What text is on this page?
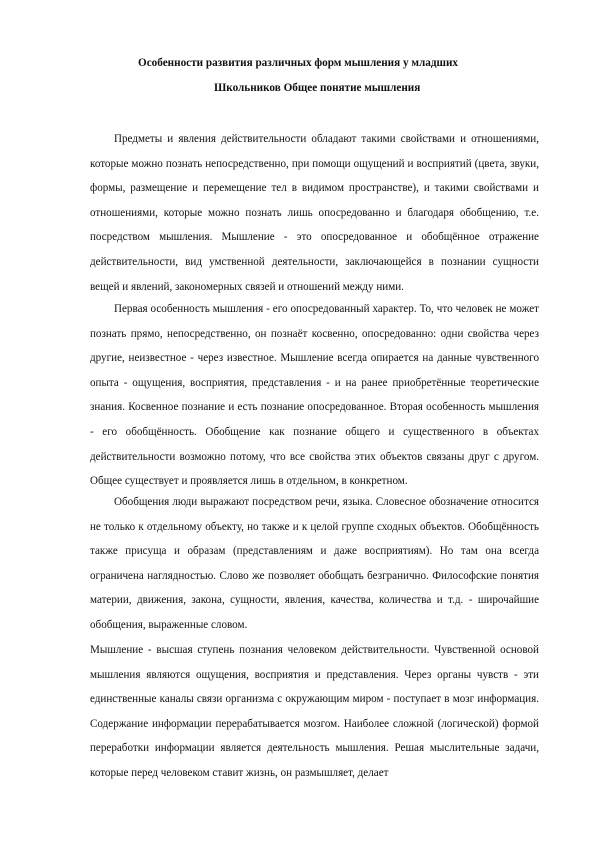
Особенности развития различных форм мышления у младших
Школьников Общее понятие мышления

Предметы и явления действительности обладают такими свойствами и отношениями, которые можно познать непосредственно, при помощи ощущений и восприятий (цвета, звуки, формы, размещение и перемещение тел в видимом пространстве), и такими свойствами и отношениями, которые можно познать лишь опосредованно и благодаря обобщению, т.е. посредством мышления. Мышление - это опосредованное и обобщённое отражение действительности, вид умственной деятельности, заключающейся в познании сущности вещей и явлений, закономерных связей и отношений между ними.

Первая особенность мышления - его опосредованный характер. То, что человек не может познать прямо, непосредственно, он познаёт косвенно, опосредованно: одни свойства через другие, неизвестное - через известное. Мышление всегда опирается на данные чувственного опыта - ощущения, восприятия, представления - и на ранее приобретённые теоретические знания. Косвенное познание и есть познание опосредованное. Вторая особенность мышления - его обобщённость. Обобщение как познание общего и существенного в объектах действительности возможно потому, что все свойства этих объектов связаны друг с другом. Общее существует и проявляется лишь в отдельном, в конкретном.

Обобщения люди выражают посредством речи, языка. Словесное обозначение относится не только к отдельному объекту, но также и к целой группе сходных объектов. Обобщённость также присуща и образам (представлениям и даже восприятиям). Но там она всегда ограничена наглядностью. Слово же позволяет обобщать безгранично. Философские понятия материи, движения, закона, сущности, явления, качества, количества и т.д. - широчайшие обобщения, выраженные словом.

Мышление - высшая ступень познания человеком действительности. Чувственной основой мышления являются ощущения, восприятия и представления. Через органы чувств - эти единственные каналы связи организма с окружающим миром - поступает в мозг информация. Содержание информации перерабатывается мозгом. Наиболее сложной (логической) формой переработки информации является деятельность мышления. Решая мыслительные задачи, которые перед человеком ставит жизнь, он размышляет, делает
